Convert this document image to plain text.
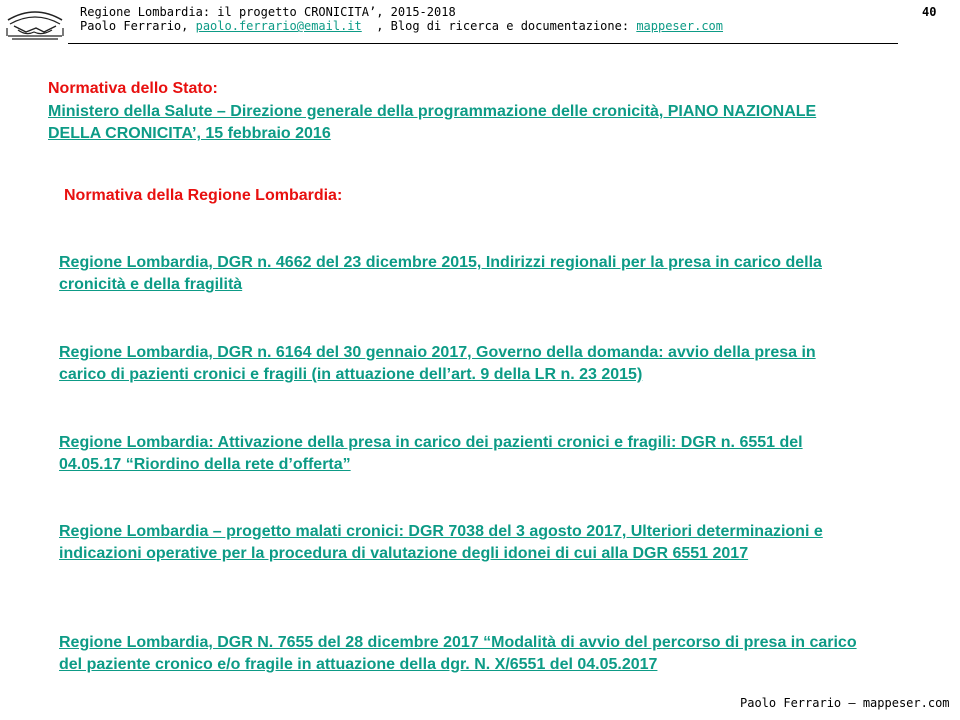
Regione Lombardia: il progetto CRONICITA’, 2015-2018
Paolo Ferrario, paolo.ferrario@email.it  , Blog di ricerca e documentazione: mappeser.com
40
Normativa dello Stato:
Ministero della Salute – Direzione generale della programmazione delle cronicità, PIANO NAZIONALE DELLA CRONICITA’, 15 febbraio 2016
Normativa della Regione Lombardia:
Regione Lombardia, DGR n. 4662 del 23 dicembre 2015, Indirizzi regionali per la presa in carico della cronicità e della fragilità
Regione Lombardia, DGR n. 6164 del 30 gennaio 2017, Governo della domanda: avvio della presa in carico di pazienti cronici e fragili (in attuazione dell’art. 9 della LR n. 23 2015)
Regione Lombardia: Attivazione della presa in carico dei pazienti cronici e fragili: DGR n. 6551 del 04.05.17 “Riordino della rete d’offerta”
Regione Lombardia – progetto malati cronici: DGR 7038 del 3 agosto 2017, Ulteriori determinazioni e indicazioni operative per la procedura di valutazione degli idonei di cui alla DGR 6551 2017
Regione Lombardia, DGR N. 7655 del 28 dicembre 2017 “Modalità di avvio del percorso di presa in carico del paziente cronico e/o fragile in attuazione della dgr. N. X/6551 del 04.05.2017
Paolo Ferrario – mappeser.com
